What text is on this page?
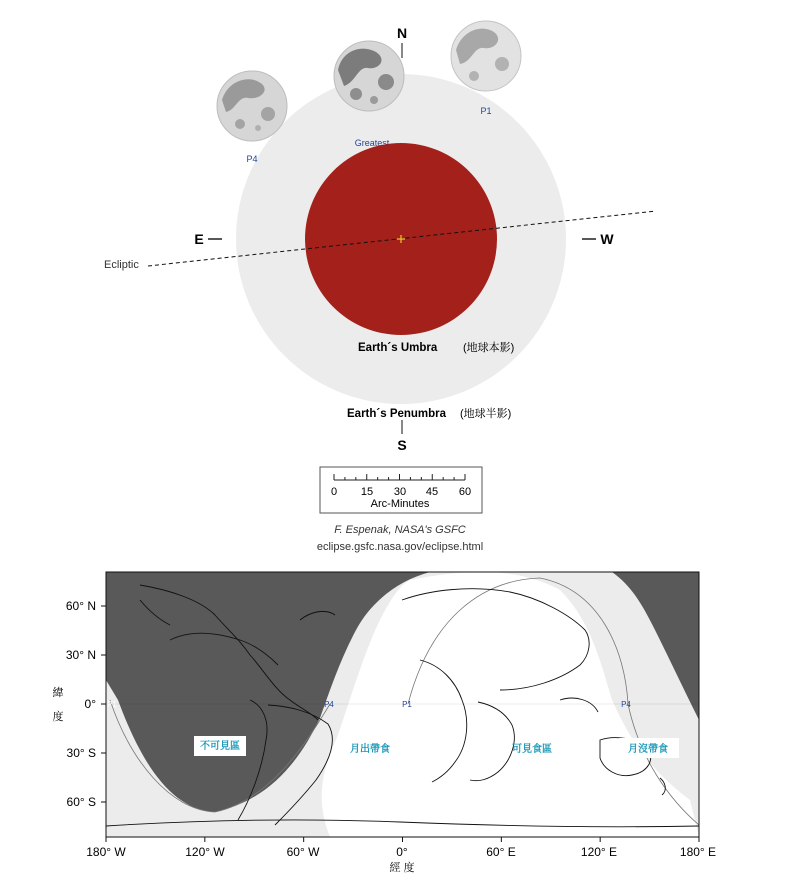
N
S
E	W
Ecliptic
Earth´s Umbra (地球本影)
Earth´s Penumbra (地球半影)
P4
Greatest
P1
0 15 30 45 60
Arc-Minutes
F. Espenak, NASA's GSFC
eclipse.gsfc.nasa.gov/eclipse.html
P1	P4	P1	P4
不可見區	月出帶食	可見食區	月沒帶食
60° N
30° N
0°
30° S
60° S
緯
度
180° W	120° W	60° W	0°	60° E	120° E	180° E
經 度
